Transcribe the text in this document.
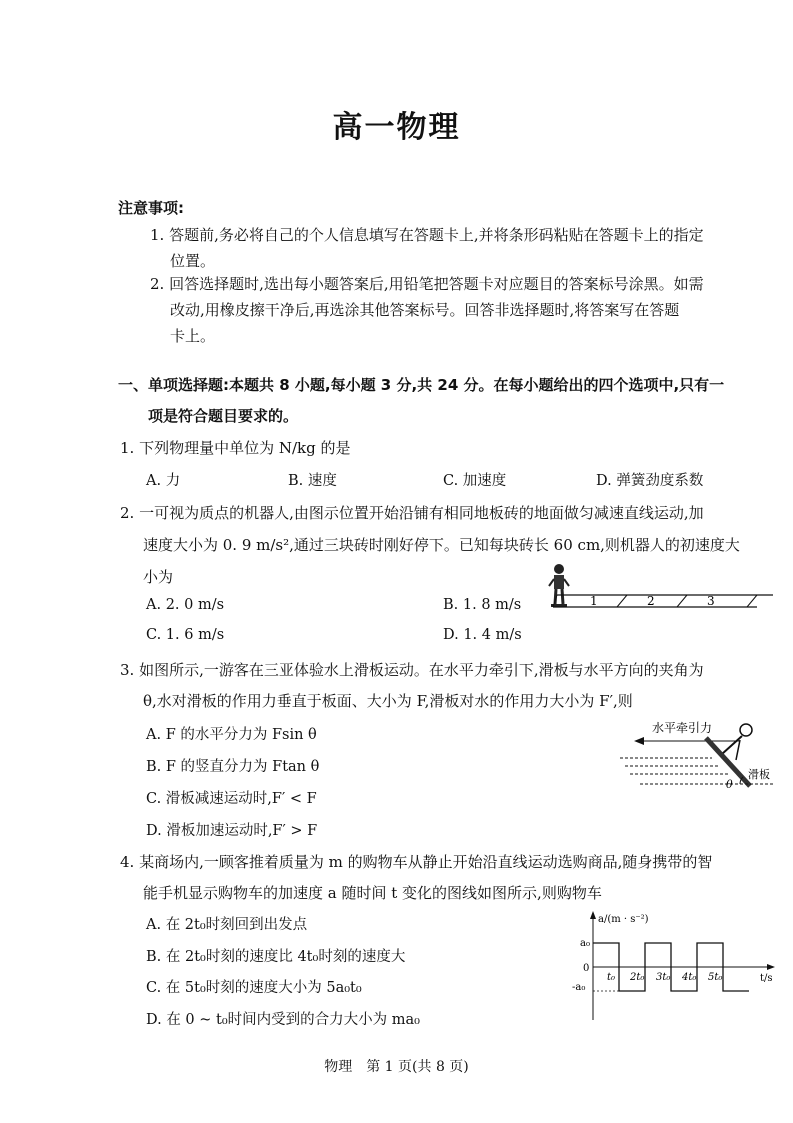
高一物理
注意事项:
1. 答题前,务必将自己的个人信息填写在答题卡上,并将条形码粘贴在答题卡上的指定
位置。
2. 回答选择题时,选出每小题答案后,用铅笔把答题卡对应题目的答案标号涂黑。如需
改动,用橡皮擦干净后,再选涂其他答案标号。回答非选择题时,将答案写在答题
卡上。
一、单项选择题:本题共 8 小题,每小题 3 分,共 24 分。在每小题给出的四个选项中,只有一
项是符合题目要求的。
1. 下列物理量中单位为 N/kg 的是
A. 力	B. 速度	C. 加速度	D. 弹簧劲度系数
2. 一可视为质点的机器人,由图示位置开始沿铺有相同地板砖的地面做匀减速直线运动,加
速度大小为 0. 9 m/s²,通过三块砖时刚好停下。已知每块砖长 60 cm,则机器人的初速度大
小为
A. 2. 0 m/s	B. 1. 8 m/s
C. 1. 6 m/s	D. 1. 4 m/s
1	2	3
3. 如图所示,一游客在三亚体验水上滑板运动。在水平力牵引下,滑板与水平方向的夹角为
θ,水对滑板的作用力垂直于板面、大小为 F,滑板对水的作用力大小为 F′,则
A. F 的水平分力为 Fsin θ
B. F 的竖直分力为 Ftan θ
C. 滑板减速运动时,F′ < F
D. 滑板加速运动时,F′ > F
水平牵引力
θ
滑板
4. 某商场内,一顾客推着质量为 m 的购物车从静止开始沿直线运动选购商品,随身携带的智
能手机显示购物车的加速度 a 随时间 t 变化的图线如图所示,则购物车
A. 在 2t₀时刻回到出发点
B. 在 2t₀时刻的速度比 4t₀时刻的速度大
C. 在 5t₀时刻的速度大小为 5a₀t₀
D. 在 0 ~ t₀时间内受到的合力大小为 ma₀
a/(m · s⁻²)
t/s
a₀
0
-a₀
t₀ 2t₀ 3t₀ 4t₀ 5t₀
物理　第 1 页(共 8 页)
